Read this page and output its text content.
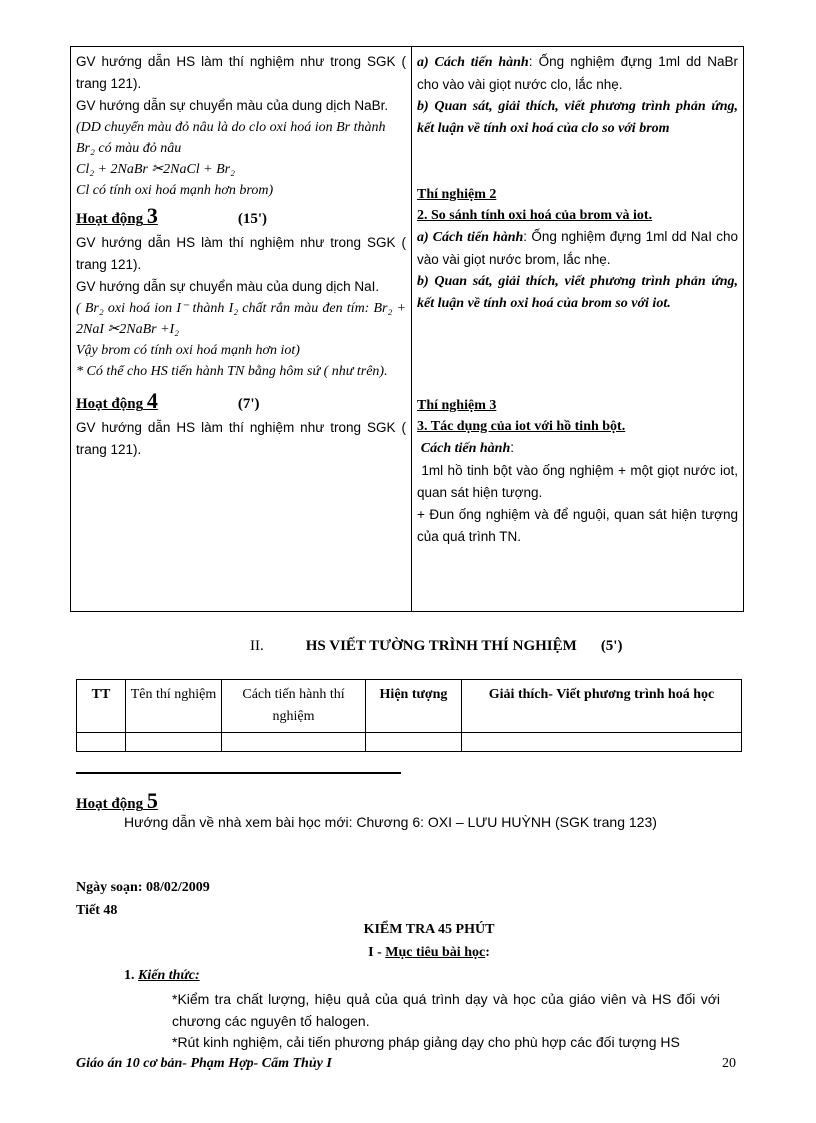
GV hướng dẫn HS làm thí nghiệm như trong SGK ( trang 121).

GV hướng dẫn sự chuyển màu của dung dịch NaBr.

(DD chuyển màu đỏ nâu là do clo oxi hoá ion Br thành Br₂ có màu đỏ nâu

Cl₂ + 2NaBr ✂2NaCl + Br₂

Cl có tính oxi hoá mạnh hơn brom)

Hoạt động 3	(15')

GV hướng dẫn HS làm thí nghiệm như trong SGK ( trang 121).

GV hướng dẫn sự chuyển màu của dung dịch NaI.

( Br₂ oxi hoá ion I⁻ thành I₂ chất rắn màu đen tím: Br₂ + 2NaI ✂2NaBr +I₂

Vậy brom có tính oxi hoá mạnh hơn iot)

* Có thể cho HS tiến hành TN bằng hôm sứ ( như trên).

Hoạt động 4	(7')

GV hướng dẫn HS làm thí nghiệm như trong SGK ( trang 121).

a) Cách tiến hành: Ống nghiệm đựng 1ml dd NaBr cho vào vài giọt nước clo, lắc nhẹ.

b) Quan sát, giải thích, viết phương trình phản ứng, kết luận về tính oxi hoá của clo so với brom

Thí nghiệm 2

2. So sánh tính oxi hoá của brom và iot.

a) Cách tiến hành: Ống nghiệm đựng 1ml dd NaI cho vào vài giọt nước brom, lắc nhẹ.

b) Quan sát, giải thích, viết phương trình phản ứng, kết luận về tính oxi hoá của brom so với iot.

Thí nghiệm 3

3. Tác dụng của iot với hồ tinh bột.

Cách tiến hành:

1ml hồ tinh bột vào ống nghiệm + một giọt nước iot, quan sát hiện tượng.

+ Đun ống nghiệm và để nguội, quan sát hiện tượng của quá trình TN.

II.	HS VIẾT TƯỜNG TRÌNH THÍ NGHIỆM (5')
TT	Tên thí nghiệm	Cách tiến hành thí nghiệm	Hiện tượng	Giải thích- Viết phương trình hoá học

Hoạt động 5
Hướng dẫn về nhà xem bài học mới: Chương 6: OXI – LƯU HUỲNH (SGK trang 123)
Ngày soạn: 08/02/2009
Tiết 48
KIỂM TRA 45 PHÚT
I - Mục tiêu bài học:
1. Kiến thức:
*Kiểm tra chất lượng, hiệu quả của quá trình dạy và học của giáo viên và HS đối với chương các nguyên tố halogen.
*Rút kinh nghiệm, cải tiến phương pháp giảng dạy cho phù hợp các đối tượng HS
Giáo án 10 cơ bản- Phạm Hợp- Cẩm Thủy I	20
